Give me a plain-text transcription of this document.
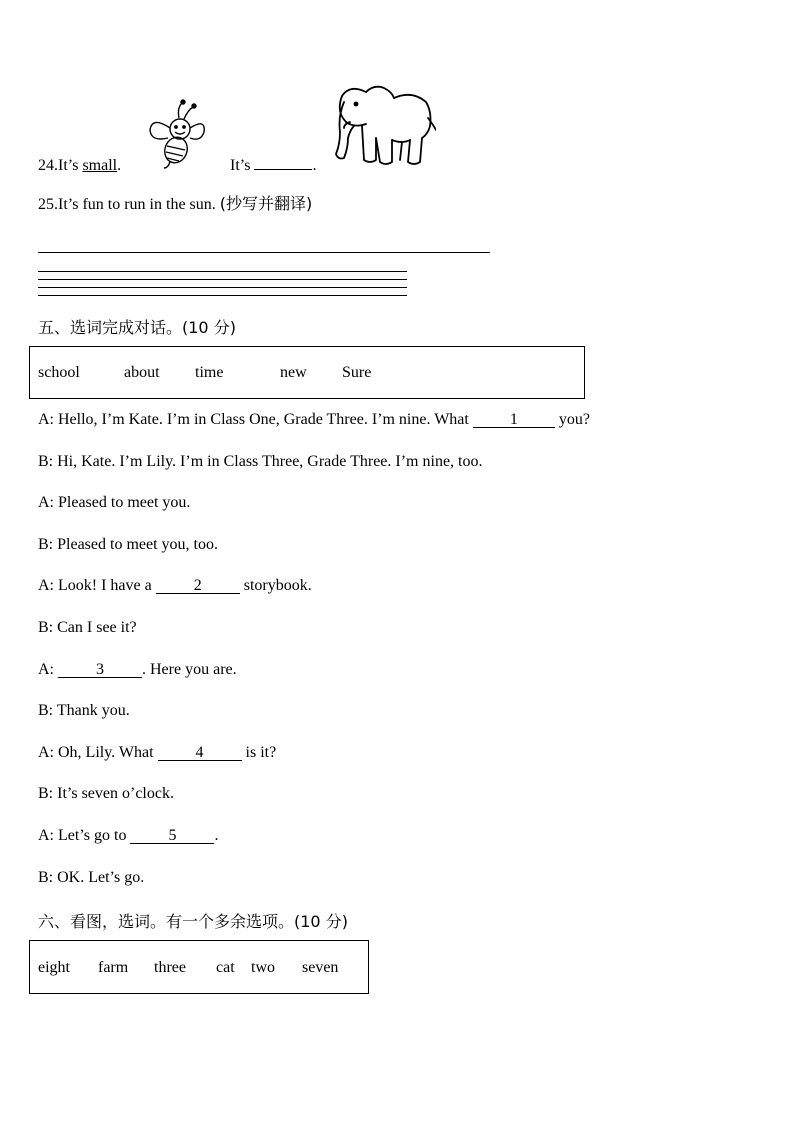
24.It’s small.	It’s	.
25.It’s fun to run in the sun. (抄写并翻译)
五、选词完成对话。(10 分)
school	about time	new Sure
A: Hello, I’m Kate. I’m in Class One, Grade Three. I’m nine. What 1 you?
B: Hi, Kate. I’m Lily. I’m in Class Three, Grade Three. I’m nine, too.
A: Pleased to meet you.
B: Pleased to meet you, too.
A: Look! I have a 2 storybook.
B: Can I see it?
A:	3 . Here you are.
B: Thank you.
A: Oh, Lily. What 4 is it?
B: It’s seven o’clock.
A: Let’s go to 5 .
B: OK. Let’s go.
六、看图，选词。有一个多余选项。(10 分)
eight farm three cat two seven
